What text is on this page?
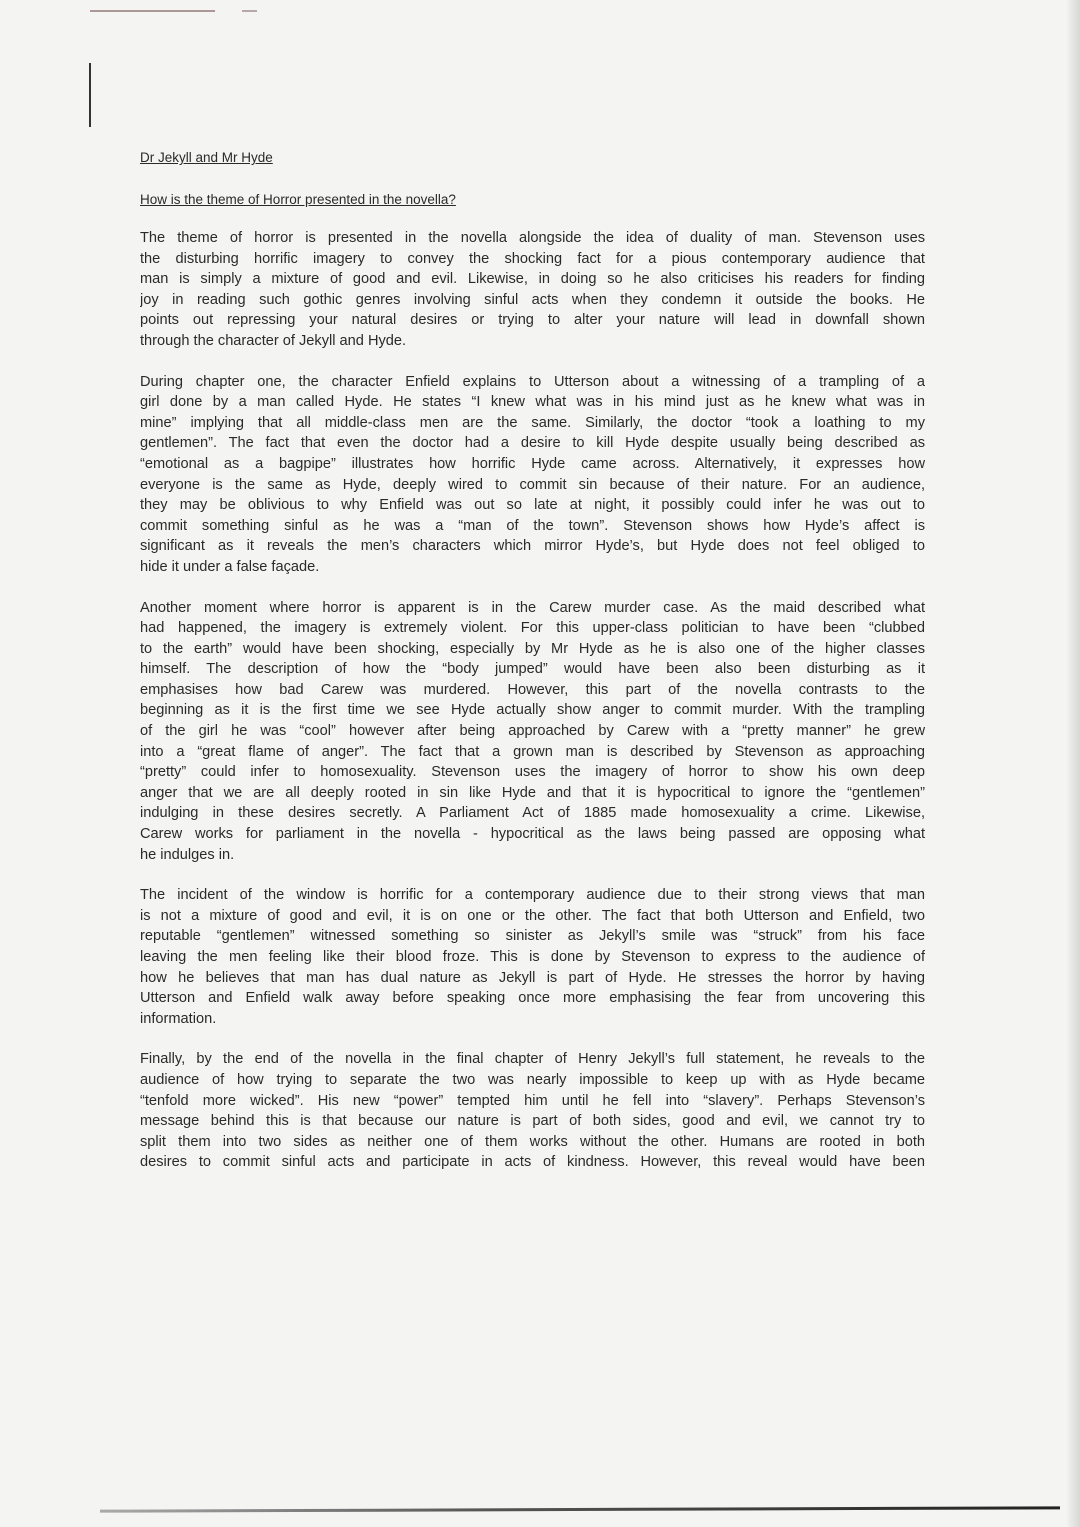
Dr Jekyll and Mr Hyde
How is the theme of Horror presented in the novella?
The theme of horror is presented in the novella alongside the idea of duality of man. Stevenson uses
the disturbing horrific imagery to convey the shocking fact for a pious contemporary audience that
man is simply a mixture of good and evil. Likewise, in doing so he also criticises his readers for finding
joy in reading such gothic genres involving sinful acts when they condemn it outside the books. He
points out repressing your natural desires or trying to alter your nature will lead in downfall shown
through the character of Jekyll and Hyde.
During chapter one, the character Enfield explains to Utterson about a witnessing of a trampling of a
girl done by a man called Hyde. He states “I knew what was in his mind just as he knew what was in
mine” implying that all middle-class men are the same. Similarly, the doctor “took a loathing to my
gentlemen”. The fact that even the doctor had a desire to kill Hyde despite usually being described as
“emotional as a bagpipe” illustrates how horrific Hyde came across. Alternatively, it expresses how
everyone is the same as Hyde, deeply wired to commit sin because of their nature. For an audience,
they may be oblivious to why Enfield was out so late at night, it possibly could infer he was out to
commit something sinful as he was a “man of the town”. Stevenson shows how Hyde’s affect is
significant as it reveals the men’s characters which mirror Hyde’s, but Hyde does not feel obliged to
hide it under a false façade.
Another moment where horror is apparent is in the Carew murder case. As the maid described what
had happened, the imagery is extremely violent. For this upper-class politician to have been “clubbed
to the earth” would have been shocking, especially by Mr Hyde as he is also one of the higher classes
himself. The description of how the “body jumped” would have been also been disturbing as it
emphasises how bad Carew was murdered. However, this part of the novella contrasts to the
beginning as it is the first time we see Hyde actually show anger to commit murder. With the trampling
of the girl he was “cool” however after being approached by Carew with a “pretty manner” he grew
into a “great flame of anger”. The fact that a grown man is described by Stevenson as approaching
“pretty” could infer to homosexuality. Stevenson uses the imagery of horror to show his own deep
anger that we are all deeply rooted in sin like Hyde and that it is hypocritical to ignore the “gentlemen”
indulging in these desires secretly. A Parliament Act of 1885 made homosexuality a crime. Likewise,
Carew works for parliament in the novella - hypocritical as the laws being passed are opposing what
he indulges in.
The incident of the window is horrific for a contemporary audience due to their strong views that man
is not a mixture of good and evil, it is on one or the other. The fact that both Utterson and Enfield, two
reputable “gentlemen” witnessed something so sinister as Jekyll’s smile was “struck” from his face
leaving the men feeling like their blood froze. This is done by Stevenson to express to the audience of
how he believes that man has dual nature as Jekyll is part of Hyde. He stresses the horror by having
Utterson and Enfield walk away before speaking once more emphasising the fear from uncovering this
information.
Finally, by the end of the novella in the final chapter of Henry Jekyll’s full statement, he reveals to the
audience of how trying to separate the two was nearly impossible to keep up with as Hyde became
“tenfold more wicked”. His new “power” tempted him until he fell into “slavery”. Perhaps Stevenson’s
message behind this is that because our nature is part of both sides, good and evil, we cannot try to
split them into two sides as neither one of them works without the other. Humans are rooted in both
desires to commit sinful acts and participate in acts of kindness. However, this reveal would have been
